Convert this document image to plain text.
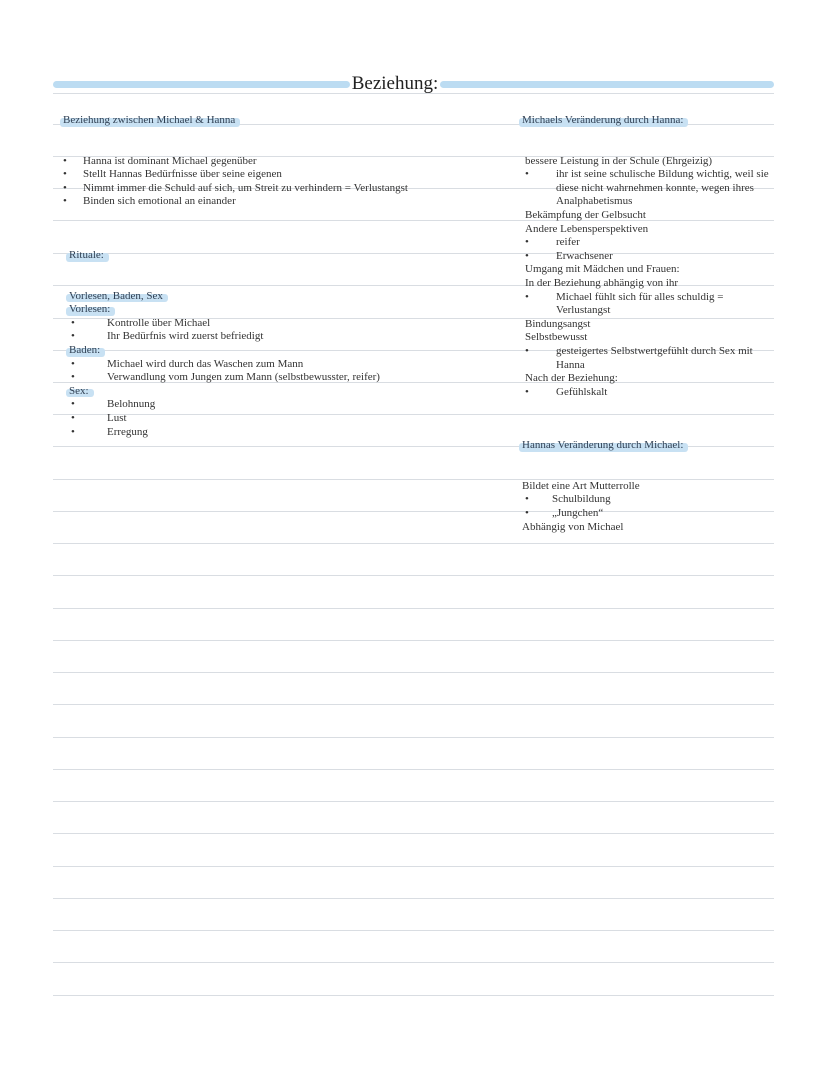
Beziehung:
Beziehung zwischen Michael & Hanna
• Hanna ist dominant Michael gegenüber
• Stellt Hannas Bedürfnisse über seine eigenen
• Nimmt immer die Schuld auf sich, um Streit zu verhindern = Verlustangst
• Binden sich emotional an einander
Rituale:
Vorlesen, Baden, Sex
Vorlesen:
• Kontrolle über Michael
• Ihr Bedürfnis wird zuerst befriedigt
Baden:
• Michael wird durch das Waschen zum Mann
• Verwandlung vom Jungen zum Mann (selbstbewusster, reifer)
Sex:
• Belohnung
• Lust
• Erregung
Michaels Veränderung durch Hanna:
bessere Leistung in der Schule (Ehrgeizig)
• ihr ist seine schulische Bildung wichtig, weil sie diese nicht wahrnehmen konnte, wegen ihres Analphabetismus
Bekämpfung der Gelbsucht
Andere Lebensperspektiven
• reifer
• Erwachsener
Umgang mit Mädchen und Frauen:
In der Beziehung abhängig von ihr
• Michael fühlt sich für alles schuldig = Verlustangst
Bindungsangst
Selbstbewusst
• gesteigertes Selbstwertgefühlt durch Sex mit Hanna
Nach der Beziehung:
• Gefühlskalt
Hannas Veränderung durch Michael:
Bildet eine Art Mutterrolle
• Schulbildung
• „Jungchen“
Abhängig von Michael
